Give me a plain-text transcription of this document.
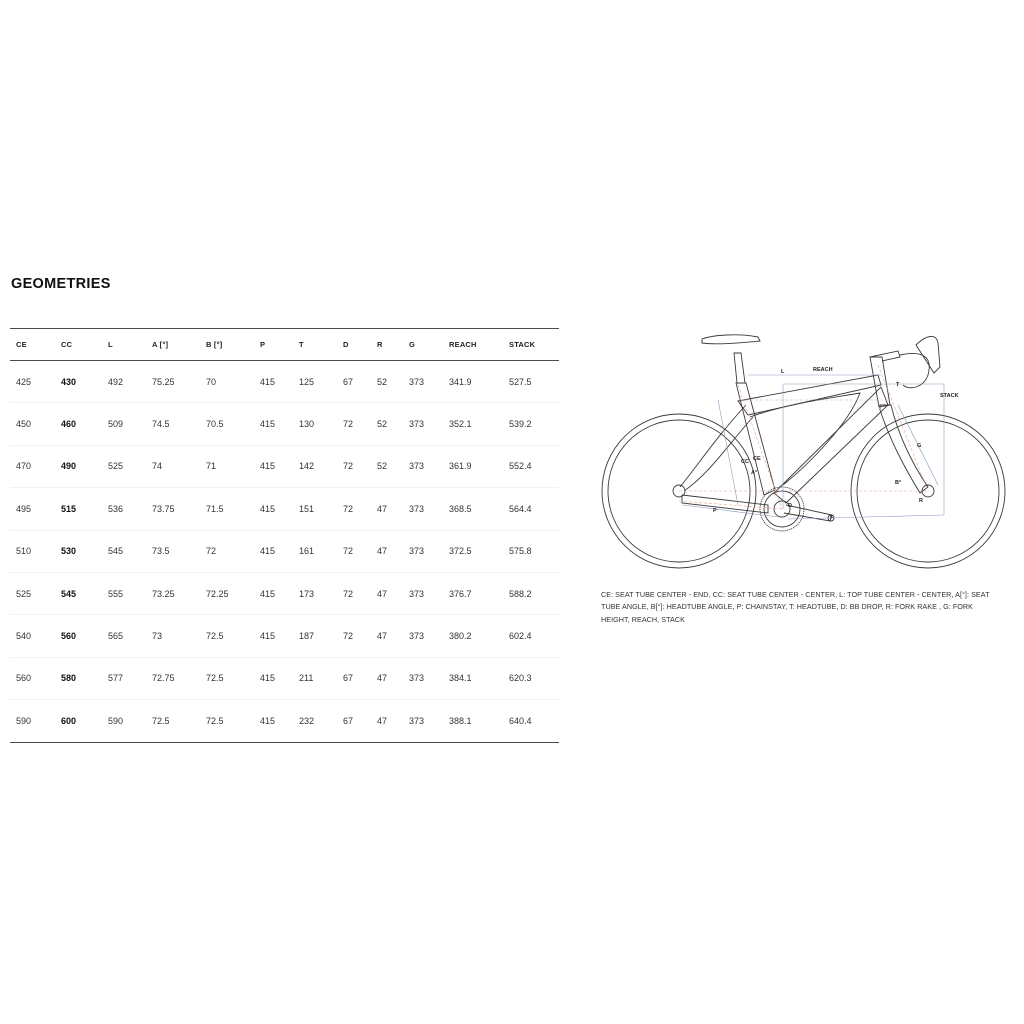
GEOMETRIES
CE	CC	L	A [°]	B [°]	P	T	D	R	G	REACH	STACK
425	430	492	75.25	70	415	125	67	52	373	341.9	527.5
450	460	509	74.5	70.5	415	130	72	52	373	352.1	539.2
470	490	525	74	71	415	142	72	52	373	361.9	552.4
495	515	536	73.75	71.5	415	151	72	47	373	368.5	564.4
510	530	545	73.5	72	415	161	72	47	373	372.5	575.8
525	545	555	73.25	72.25	415	173	72	47	373	376.7	588.2
540	560	565	73	72.5	415	187	72	47	373	380.2	602.4
560	580	577	72.75	72.5	415	211	67	47	373	384.1	620.3
590	600	590	72.5	72.5	415	232	67	47	373	388.1	640.4
L	REACH
STACK
T
CC CE
A°
B°
G
D
R
P
F
CE: SEAT TUBE CENTER - END, CC: SEAT TUBE CENTER - CENTER, L: TOP TUBE CENTER - CENTER, A[°]: SEAT TUBE ANGLE, B[°]: HEADTUBE ANGLE, P: CHAINSTAY, T: HEADTUBE, D: BB DROP, R: FORK RAKE , G: FORK HEIGHT, REACH, STACK
